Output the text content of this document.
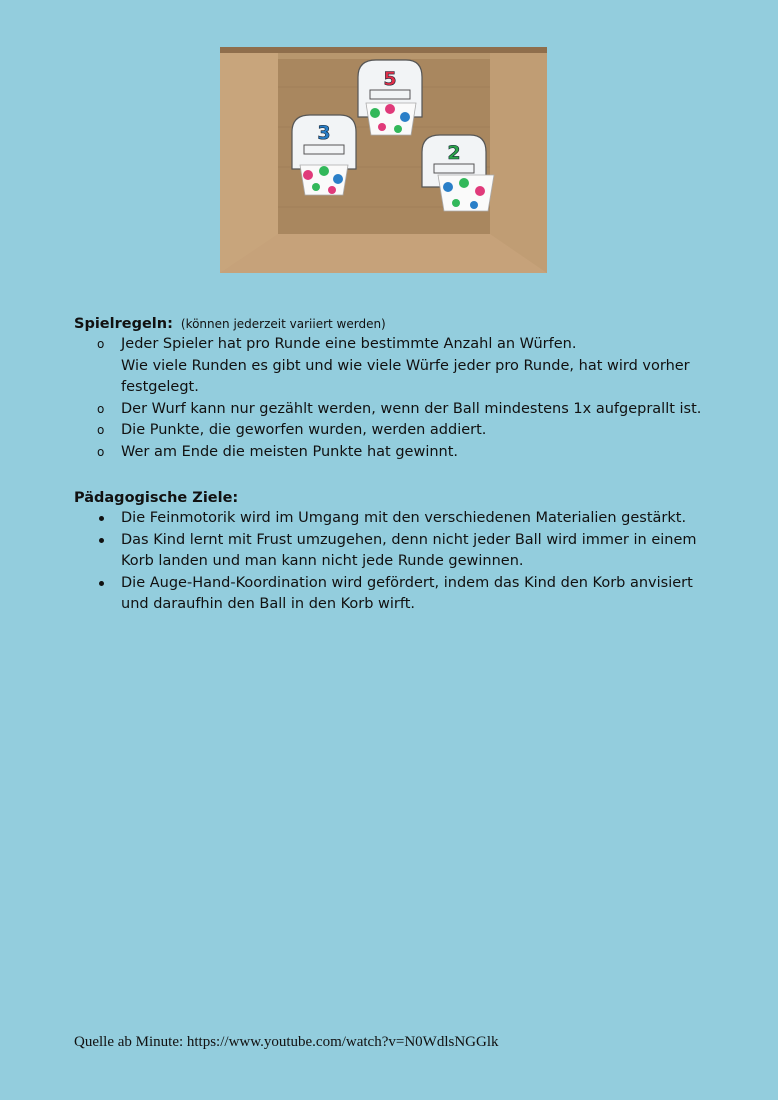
3
5
2
Spielregeln: (können jederzeit variiert werden)
o Jeder Spieler hat pro Runde eine bestimmte Anzahl an Würfen.
Wie viele Runden es gibt und wie viele Würfe jeder pro Runde, hat wird vorher
festgelegt.
o Der Wurf kann nur gezählt werden, wenn der Ball mindestens 1x aufgeprallt ist.
o Die Punkte, die geworfen wurden, werden addiert.
o Wer am Ende die meisten Punkte hat gewinnt.
Pädagogische Ziele:
Die Feinmotorik wird im Umgang mit den verschiedenen Materialien gestärkt.
Das Kind lernt mit Frust umzugehen, denn nicht jeder Ball wird immer in einem
Korb landen und man kann nicht jede Runde gewinnen.
Die Auge-Hand-Koordination wird gefördert, indem das Kind den Korb anvisiert
und daraufhin den Ball in den Korb wirft.
Quelle ab Minute: https://www.youtube.com/watch?v=N0WdlsNGGlk
